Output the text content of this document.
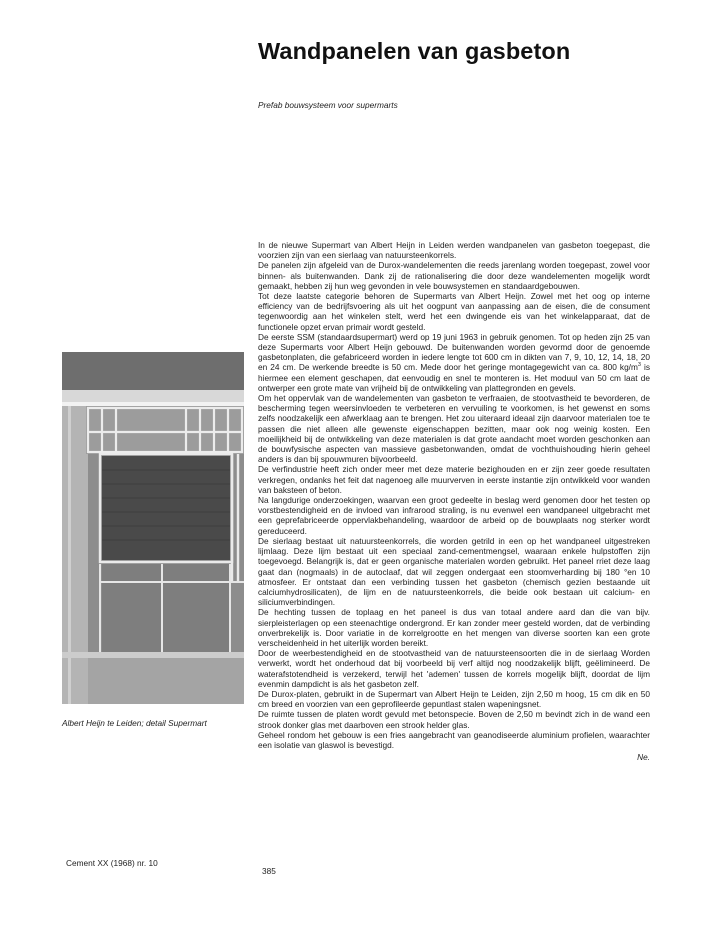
Wandpanelen van gasbeton
Prefab bouwsysteem voor supermarts
Albert Heijn te Leiden; detail Supermart

In de nieuwe Supermart van Albert Heijn in Leiden werden wandpanelen van gasbeton toegepast, die voorzien zijn van een sierlaag van natuursteenkorrels.

De panelen zijn afgeleid van de Durox-wandelementen die reeds jarenlang worden toegepast, zowel voor binnen- als buitenwanden. Dank zij de rationalisering die door deze wandelementen mogelijk wordt gemaakt, hebben zij hun weg gevonden in vele bouwsystemen en standaardgebouwen.

Tot deze laatste categorie behoren de Supermarts van Albert Heijn. Zowel met het oog op interne efficiency van de bedrijfsvoering als uit het oogpunt van aanpassing aan de eisen, die de consument tegenwoordig aan het winkelen stelt, werd het een dwingende eis van het winkelapparaat, dat de functionele opzet ervan primair wordt gesteld.

De eerste SSM (standaardsupermart) werd op 19 juni 1963 in gebruik genomen. Tot op heden zijn 25 van deze Supermarts voor Albert Heijn gebouwd. De buitenwanden worden gevormd door de genoemde gasbetonplaten, die gefabriceerd worden in iedere lengte tot 600 cm in dikten van 7, 9, 10, 12, 14, 18, 20 en 24 cm. De werkende breedte is 50 cm. Mede door het geringe montagegewicht van ca. 800 $kg/m^3$ is hiermee een element geschapen, dat eenvoudig en snel te monteren is. Het moduul van 50 cm laat de ontwerper een grote mate van vrijheid bij de ontwikkeling van plattegronden en gevels.

Om het oppervlak van de wandelementen van gasbeton te verfraaien, de stootvastheid te bevorderen, de bescherming tegen weersinvloeden te verbeteren en vervuiling te voorkomen, is het gewenst en soms zelfs noodzakelijk een afwerklaag aan te brengen. Het zou uiteraard ideaal zijn daarvoor materialen toe te passen die niet alleen alle gewenste eigenschappen bezitten, maar ook nog weinig kosten. Een moeilijkheid bij de ontwikkeling van deze materialen is dat grote aandacht moet worden geschonken aan de bouwfysische aspecten van massieve gasbetonwanden, omdat de vochthuishouding hierin geheel anders is dan bij spouwmuren bijvoorbeeld.

De verfindustrie heeft zich onder meer met deze materie bezighouden en er zijn zeer goede resultaten verkregen, ondanks het feit dat nagenoeg alle muurverven in eerste instantie zijn ontwikkeld voor wanden van baksteen of beton.

Na langdurige onderzoekingen, waarvan een groot gedeelte in beslag werd genomen door het testen op vorstbestendigheid en de invloed van infrarood straling, is nu evenwel een wandpaneel uitgebracht met een geprefabriceerde oppervlakbehandeling, waardoor de arbeid op de bouwplaats nog sterker wordt gereduceerd.

De sierlaag bestaat uit natuursteenkorrels, die worden getrild in een op het wandpaneel uitgestreken lijmlaag. Deze lijm bestaat uit een speciaal zand-cementmengsel, waaraan enkele hulpstoffen zijn toegevoegd. Belangrijk is, dat er geen organische materialen worden gebruikt. Het paneel rriet deze laag gaat dan (nogmaals) in de autoclaaf, dat wil zeggen ondergaat een stoomverharding bij 180 °en 10 atmosfeer. Er ontstaat dan een verbinding tussen het gasbeton (chemisch gezien bestaande uit calciumhydrosilicaten), de lijm en de natuursteenkorrels, die beide ook bestaan uit calcium- en siliciumverbindingen.

De hechting tussen de toplaag en het paneel is dus van totaal andere aard dan die van bijv. sierpleisterlagen op een steenachtige ondergrond. Er kan zonder meer gesteld worden, dat de verbinding onverbrekelijk is. Door variatie in de korrelgrootte en het mengen van diverse soorten kan een grote verscheidenheid in het uiterlijk worden bereikt.

Door de weerbestendigheid en de stootvastheid van de natuursteensoorten die in de sierlaag Worden verwerkt, wordt het onderhoud dat bij voorbeeld bij verf altijd nog noodzakelijk blijft, geëlimineerd. De waterafstotendheid is verzekerd, terwijl het 'ademen' tussen de korrels mogelijk blijft, doordat de lijm evenmin dampdicht is als het gasbeton zelf.

De Durox-platen, gebruikt in de Supermart van Albert Heijn te Leiden, zijn 2,50 m hoog, 15 cm dik en 50 cm breed en voorzien van een geprofileerde gepuntlast stalen wapeningsnet.

De ruimte tussen de platen wordt gevuld met betonspecie. Boven de 2,50 m bevindt zich in de wand een strook donker glas met daarboven een strook helder glas.

Geheel rondom het gebouw is een fries aangebracht van geanodiseerde aluminium profielen, waarachter een isolatie van glaswol is bevestigd.

Ne.
Cement XX (1968) nr. 10
385
